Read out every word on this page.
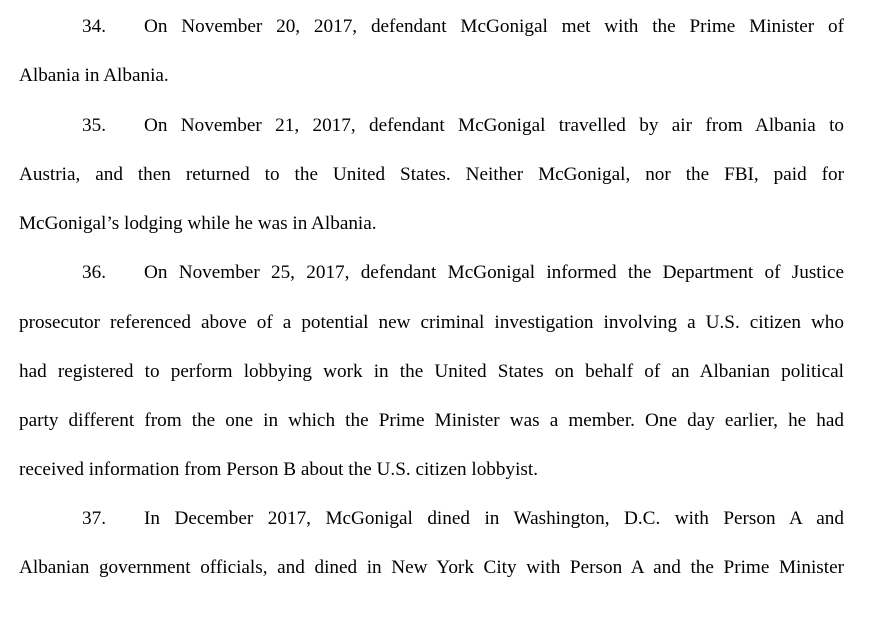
34. On November 20, 2017, defendant McGonigal met with the Prime Minister of
Albania in Albania.
35. On November 21, 2017, defendant McGonigal travelled by air from Albania to
Austria, and then returned to the United States. Neither McGonigal, nor the FBI, paid for
McGonigal’s lodging while he was in Albania.
36. On November 25, 2017, defendant McGonigal informed the Department of Justice
prosecutor referenced above of a potential new criminal investigation involving a U.S. citizen who
had registered to perform lobbying work in the United States on behalf of an Albanian political
party different from the one in which the Prime Minister was a member. One day earlier, he had
received information from Person B about the U.S. citizen lobbyist.
37. In December 2017, McGonigal dined in Washington, D.C. with Person A and
Albanian government officials, and dined in New York City with Person A and the Prime Minister
